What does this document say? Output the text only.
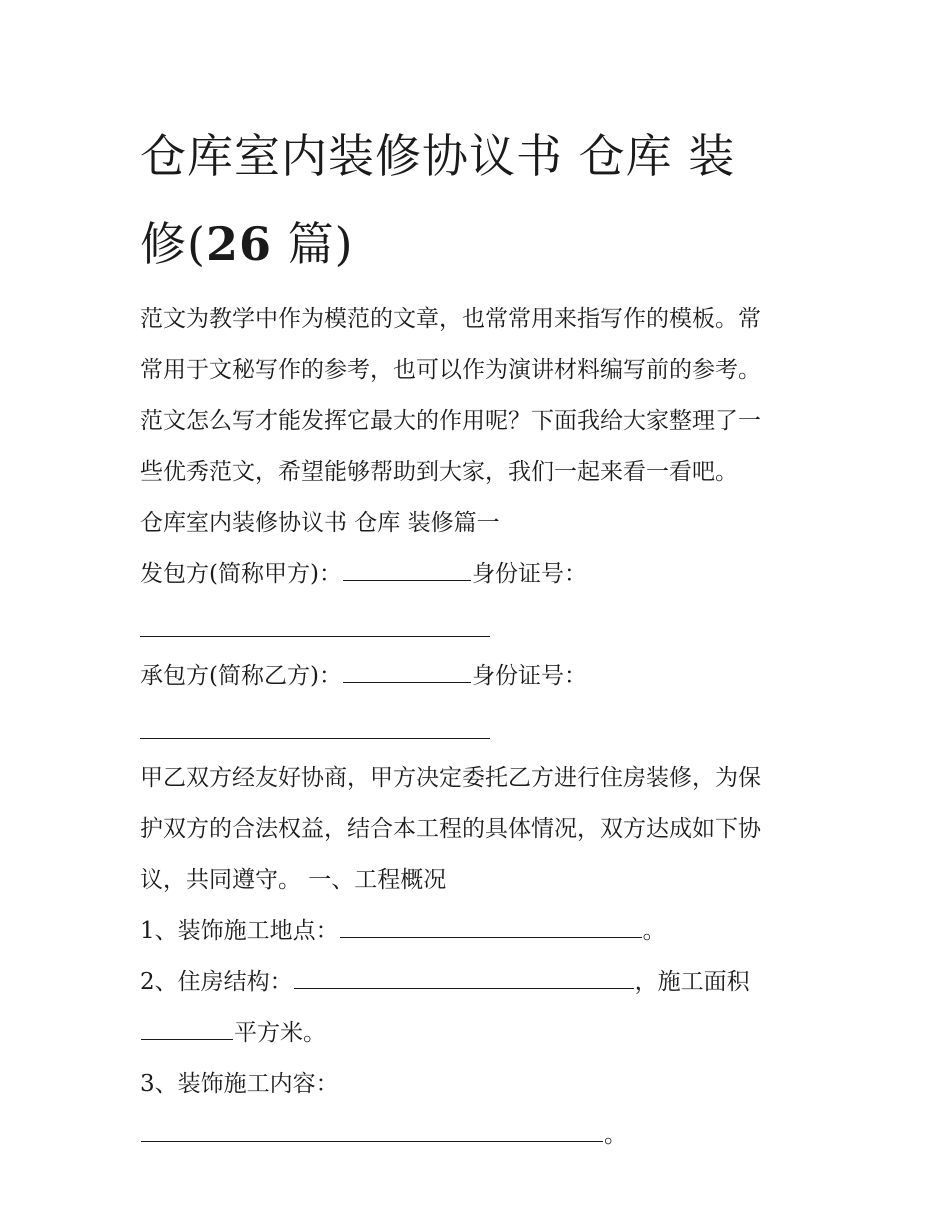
仓库室内装修协议书 仓库 装
修(26 篇)

范文为教学中作为模范的文章，也常常用来指写作的模板。常
常用于文秘写作的参考，也可以作为演讲材料编写前的参考。
范文怎么写才能发挥它最大的作用呢？下面我给大家整理了一
些优秀范文，希望能够帮助到大家，我们一起来看一看吧。

仓库室内装修协议书 仓库 装修篇一

发包方(简称甲方)：	身份证号：

承包方(简称乙方)：	身份证号：

甲乙双方经友好协商，甲方决定委托乙方进行住房装修，为保
护双方的合法权益，结合本工程的具体情况，双方达成如下协
议，共同遵守。 一、工程概况

1、装饰施工地点：	。

2、住房结构：	，施工面积
平方米。

3、装饰施工内容：
。
